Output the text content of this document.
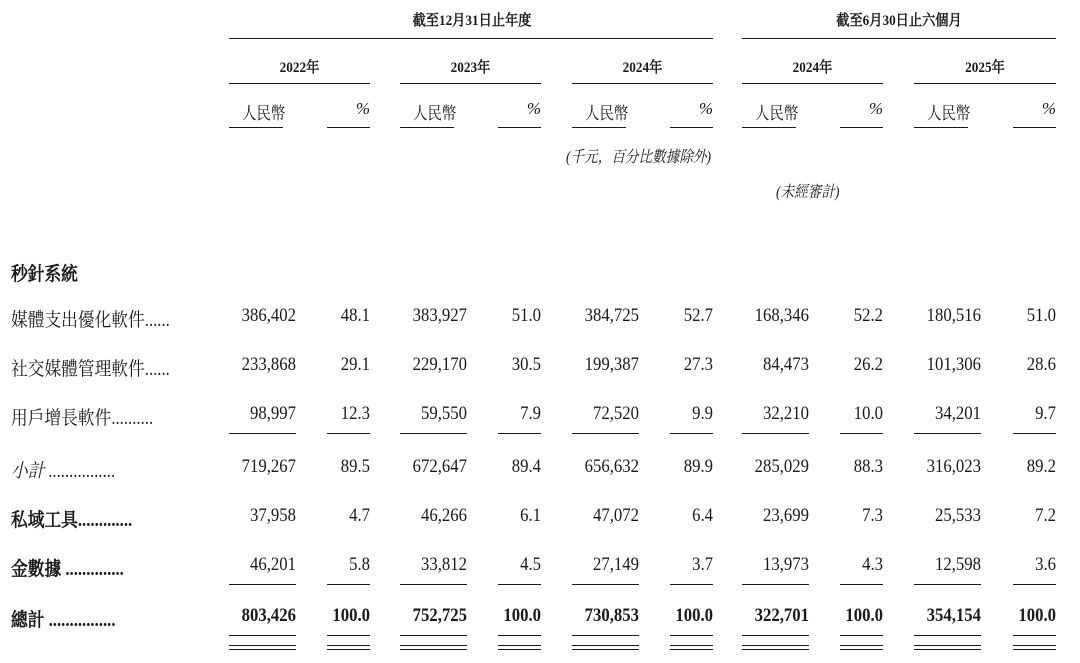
截至12月31日止年度	截至6月30日止六個月
2022年	2023年	2024年	2024年	2025年
人民幣	%	人民幣	%	人民幣	% 人民幣	%	人民幣	%
(千元，百分比數據除外)
(未經審計)
秒針系統
媒體支出優化軟件......	386,402	48.1	383,927	51.0	384,725	52.7	168,346	52.2	180,516	51.0
社交媒體管理軟件......	233,868	29.1	229,170	30.5	199,387	27.3	84,473	26.2	101,306	28.6
用戶增長軟件..........	98,997	12.3	59,550	7.9	72,520	9.9	32,210	10.0	34,201	9.7
小計 ................	719,267	89.5	672,647	89.4	656,632	89.9	285,029	88.3	316,023	89.2
私域工具.............	37,958	4.7	46,266	6.1	47,072	6.4	23,699	7.3	25,533	7.2
金數據 ..............	46,201	5.8	33,812	4.5	27,149	3.7	13,973	4.3	12,598	3.6
總計 ................	803,426	100.0	752,725	100.0	730,853	100.0	322,701	100.0	354,154	100.0
